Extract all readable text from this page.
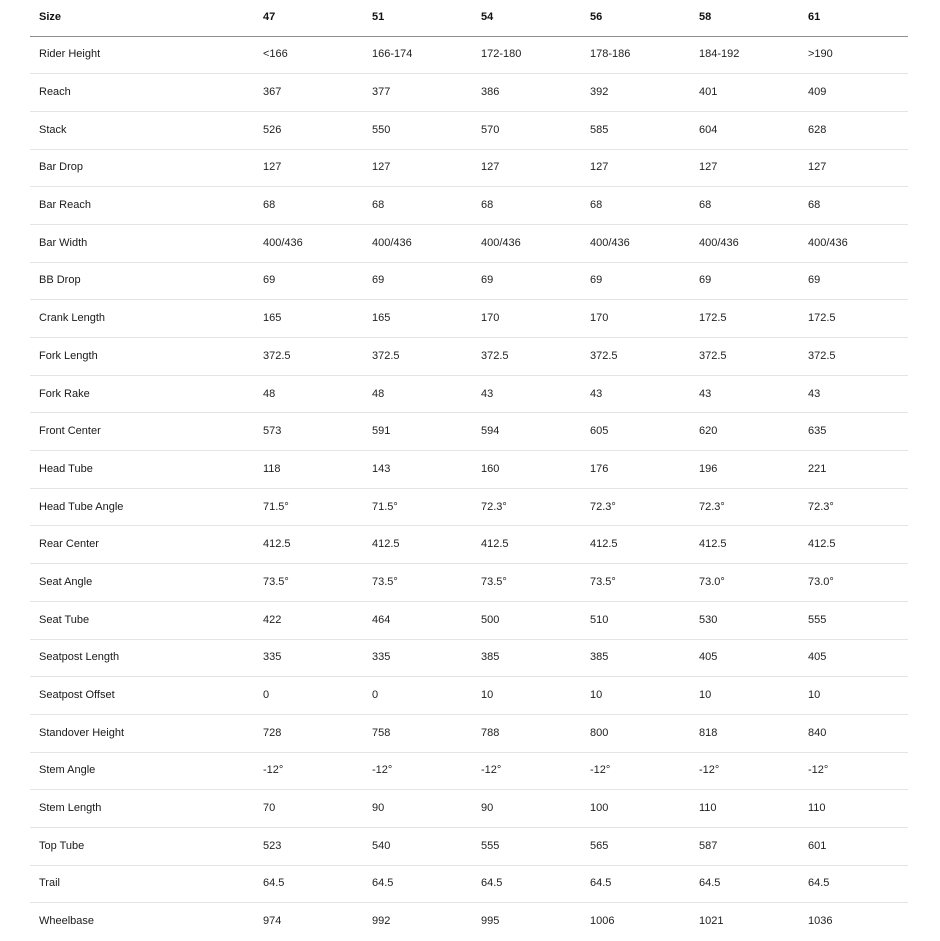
Size	47	51	54	56	58	61
Rider Height	<166	166-174	172-180	178-186	184-192	>190
Reach	367	377	386	392	401	409
Stack	526	550	570	585	604	628
Bar Drop	127	127	127	127	127	127
Bar Reach	68	68	68	68	68	68
Bar Width	400/436	400/436	400/436	400/436	400/436	400/436
BB Drop	69	69	69	69	69	69
Crank Length	165	165	170	170	172.5	172.5
Fork Length	372.5	372.5	372.5	372.5	372.5	372.5
Fork Rake	48	48	43	43	43	43
Front Center	573	591	594	605	620	635
Head Tube	118	143	160	176	196	221
Head Tube Angle	71.5°	71.5°	72.3°	72.3°	72.3°	72.3°
Rear Center	412.5	412.5	412.5	412.5	412.5	412.5
Seat Angle	73.5°	73.5°	73.5°	73.5°	73.0°	73.0°
Seat Tube	422	464	500	510	530	555
Seatpost Length	335	335	385	385	405	405
Seatpost Offset	0	0	10	10	10	10
Standover Height	728	758	788	800	818	840
Stem Angle	-12°	-12°	-12°	-12°	-12°	-12°
Stem Length	70	90	90	100	110	110
Top Tube	523	540	555	565	587	601
Trail	64.5	64.5	64.5	64.5	64.5	64.5
Wheelbase	974	992	995	1006	1021	1036
